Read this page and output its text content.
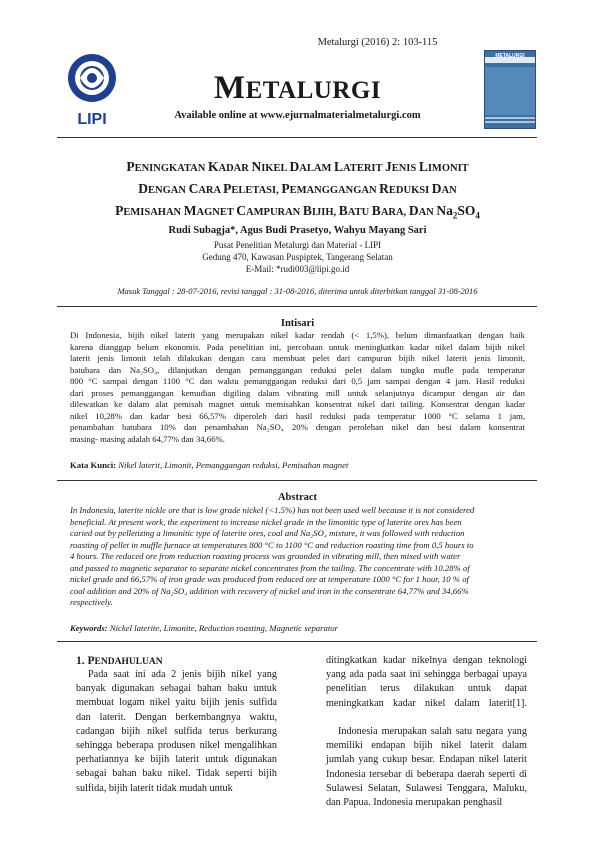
Metalurgi (2016) 2: 103-115
LIPI
METALURGI
METALURGI
Available online at www.ejurnalmaterialmetalurgi.com
PENINGKATAN KADAR NIKEL DALAM LATERIT JENIS LIMONIT
DENGAN CARA PELETASI, PEMANGGANGAN REDUKSI DAN
PEMISAHAN MAGNET CAMPURAN BIJIH, BATU BARA, DAN $Na_2SO_4$
Rudi Subagja*, Agus Budi Prasetyo, Wahyu Mayang Sari
Pusat Penelitian Metalurgi dan Material - LIPI
Gedung 470, Kawasan Puspiptek, Tangerang Selatan
E-Mail: *rudi003@lipi.go.id
Masuk Tanggal : 28-07-2016, revisi tanggal : 31-08-2016, diterima untuk diterbitkan tanggal 31-08-2016
Intisari
Di Indonesia, bijih nikel laterit yang merupakan nikel kadar rendah (< 1,5%), belum dimanfaatkan dengan baik
karena dianggap belum ekonomis. Pada penelitian ini, percobaan untuk meningkatkan kadar nikel dalam bijih nikel
laterit jenis limonit telah dilakukan dengan cara membuat pelet dari campuran bijih nikel laterit jenis limonit,
batubara dan Na₂SO₄, dilanjutkan dengan pemanggangan reduksi pelet dalam tungku mufle pada temperatur
800 °C sampai dengan 1100 °C dan waktu pemanggangan reduksi dari 0,5 jam sampai dengan 4 jam. Hasil reduksi
dari proses pemanggangan kemudian digiling dalam vibrating mill untuk selanjutnya dicampur dengan air dan
dilewatkan ke dalam alat pemisah magnet untuk memisahkan konsentrat nikel dari tailing. Konsentrat dengan kadar
nikel 10,28% dan kadar besi 66,57% diperoleh dari hasil reduksi pada temperatur 1000 °C selama 1 jam,
penambahan batubara 10% dan penambahan Na₂SO₄ 20% dengan perolehan nikel dan besi dalam konsentrat
masing- masing adalah 64,77% dan 34,66%.
Kata Kunci: Nikel laterit, Limonit, Pemanggangan reduksi, Pemisahan magnet
Abstract
In Indonesia, laterite nickle ore that is low grade nickel (<1.5%) has not been used well because it is not considered
beneficial. At present work, the experiment to increase nickel grade in the limonitic type of laterite ores has been
caried out by pelletizing a limonitic type of laterite ores, coal and Na₂SO₄ mixture, it was followed with reduction
roasting of pellet in muffle furnace at temperatures 800 °C to 1100 °C and reduction roasting time from 0,5 hours to
4 hours. The reduced ore from reduction roasting process was grounded in vibrating mill, then mixed with water
and passed to magnetic separator to separate nickel concentrates from the tailing. The concentrate with 10.28% of
nickel grade and 66,57% of iron grade was produced from reduced ore at temperature 1000 °C for 1 hour, 10 % of
coal addition and 20% of Na₂SO₄ addition with recovery of nickel and iron in the consentrate 64,77% and 34,66%
respectively.
Keywords: Nickel laterite, Limonite, Reduction roasting, Magnetic separator
1. PENDAHULUAN
Pada saat ini ada 2 jenis bijih nikel yang
banyak digunakan sebagai bahan baku untuk
membuat logam nikel yaitu bijih jenis sulfida
dan laterit. Dengan berkembangnya waktu,
cadangan bijih nikel sulfida terus berkurang
sehingga beberapa produsen nikel mengalihkan
perhatiannya ke bijih laterit untuk digunakan
sebagai bahan baku nikel. Tidak seperti bijih
sulfida, bijih laterit tidak mudah untuk
ditingkatkan kadar nikelnya dengan teknologi
yang ada pada saat ini sehingga berbagai upaya
penelitian terus dilakukan untuk dapat
meningkatkan kadar nikel dalam laterit[1].

Indonesia merupakan salah satu negara yang
memiliki endapan bijih nikel laterit dalam
jumlah yang cukup besar. Endapan nikel laterit
Indonesia tersebar di beberapa daerah seperti di
Sulawesi Selatan, Sulawesi Tenggara, Maluku,
dan Papua. Indonesia merupakan penghasil
